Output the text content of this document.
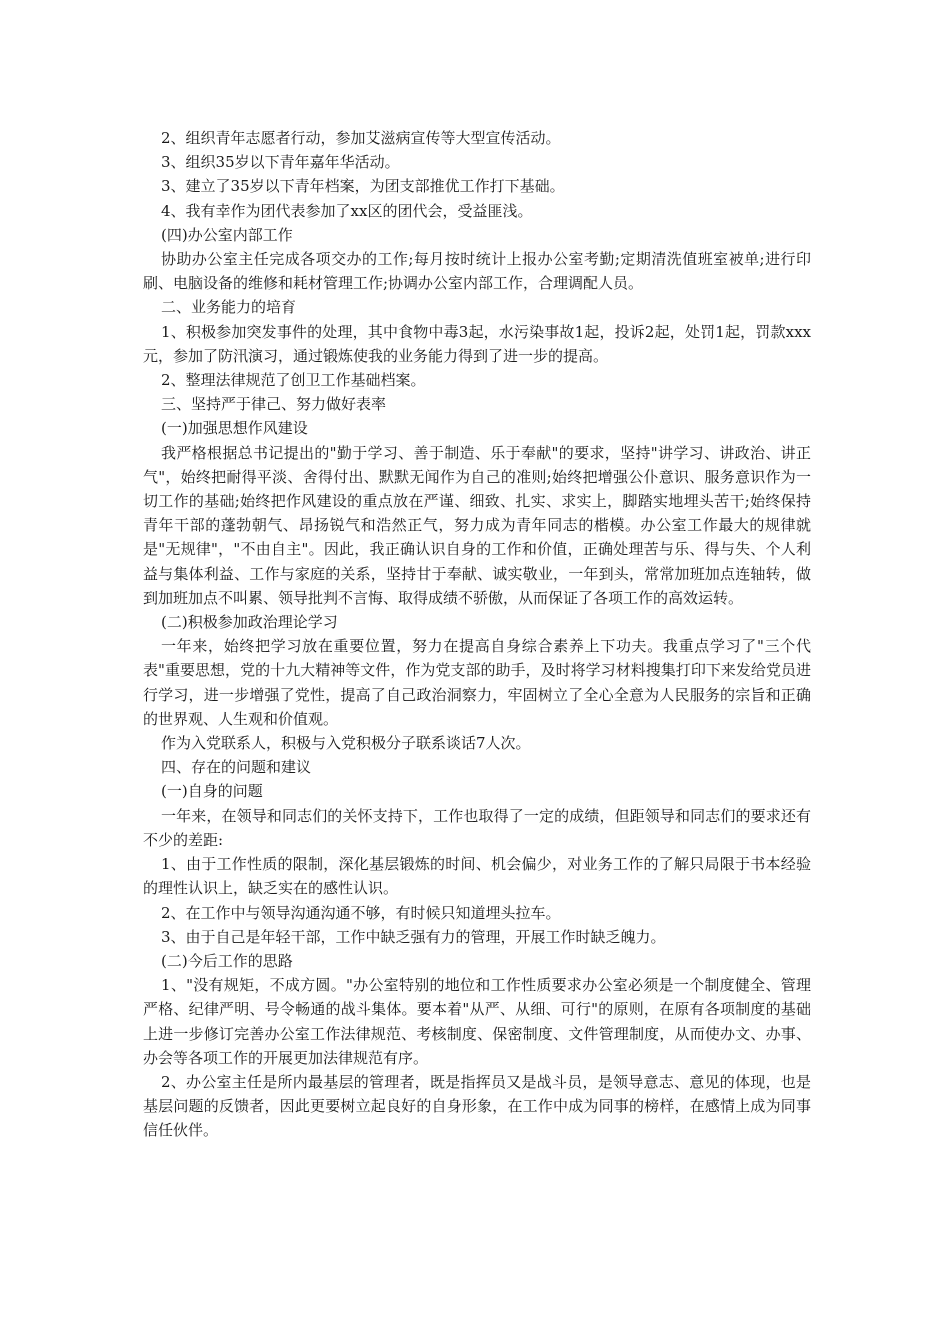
2、组织青年志愿者行动，参加艾滋病宣传等大型宣传活动。

3、组织35岁以下青年嘉年华活动。

3、建立了35岁以下青年档案，为团支部推优工作打下基础。

4、我有幸作为团代表参加了xx区的团代会，受益匪浅。

(四)办公室内部工作

协助办公室主任完成各项交办的工作;每月按时统计上报办公室考勤;定期清洗值班室被单;进行印刷、电脑设备的维修和耗材管理工作;协调办公室内部工作，合理调配人员。

二、业务能力的培育

1、积极参加突发事件的处理，其中食物中毒3起，水污染事故1起，投诉2起，处罚1起，罚款xxx元，参加了防汛演习，通过锻炼使我的业务能力得到了进一步的提高。

2、整理法律规范了创卫工作基础档案。

三、坚持严于律己、努力做好表率

(一)加强思想作风建设

我严格根据总书记提出的"勤于学习、善于制造、乐于奉献"的要求，坚持"讲学习、讲政治、讲正气"，始终把耐得平淡、舍得付出、默默无闻作为自己的准则;始终把增强公仆意识、服务意识作为一切工作的基础;始终把作风建设的重点放在严谨、细致、扎实、求实上，脚踏实地埋头苦干;始终保持青年干部的蓬勃朝气、昂扬锐气和浩然正气，努力成为青年同志的楷模。办公室工作最大的规律就是"无规律"，"不由自主"。因此，我正确认识自身的工作和价值，正确处理苦与乐、得与失、个人利益与集体利益、工作与家庭的关系，坚持甘于奉献、诚实敬业，一年到头，常常加班加点连轴转，做到加班加点不叫累、领导批判不言悔、取得成绩不骄傲，从而保证了各项工作的高效运转。

(二)积极参加政治理论学习

一年来，始终把学习放在重要位置，努力在提高自身综合素养上下功夫。我重点学习了"三个代表"重要思想，党的十九大精神等文件，作为党支部的助手，及时将学习材料搜集打印下来发给党员进行学习，进一步增强了党性，提高了自己政治洞察力，牢固树立了全心全意为人民服务的宗旨和正确的世界观、人生观和价值观。

作为入党联系人，积极与入党积极分子联系谈话7人次。

四、存在的问题和建议

(一)自身的问题

一年来，在领导和同志们的关怀支持下，工作也取得了一定的成绩，但距领导和同志们的要求还有不少的差距:

1、由于工作性质的限制，深化基层锻炼的时间、机会偏少，对业务工作的了解只局限于书本经验的理性认识上，缺乏实在的感性认识。

2、在工作中与领导沟通沟通不够，有时候只知道埋头拉车。

3、由于自己是年轻干部，工作中缺乏强有力的管理，开展工作时缺乏魄力。

(二)今后工作的思路

1、"没有规矩，不成方圆。"办公室特别的地位和工作性质要求办公室必须是一个制度健全、管理严格、纪律严明、号令畅通的战斗集体。要本着"从严、从细、可行"的原则，在原有各项制度的基础上进一步修订完善办公室工作法律规范、考核制度、保密制度、文件管理制度，从而使办文、办事、办会等各项工作的开展更加法律规范有序。

2、办公室主任是所内最基层的管理者，既是指挥员又是战斗员，是领导意志、意见的体现，也是基层问题的反馈者，因此更要树立起良好的自身形象，在工作中成为同事的榜样，在感情上成为同事信任伙伴。
